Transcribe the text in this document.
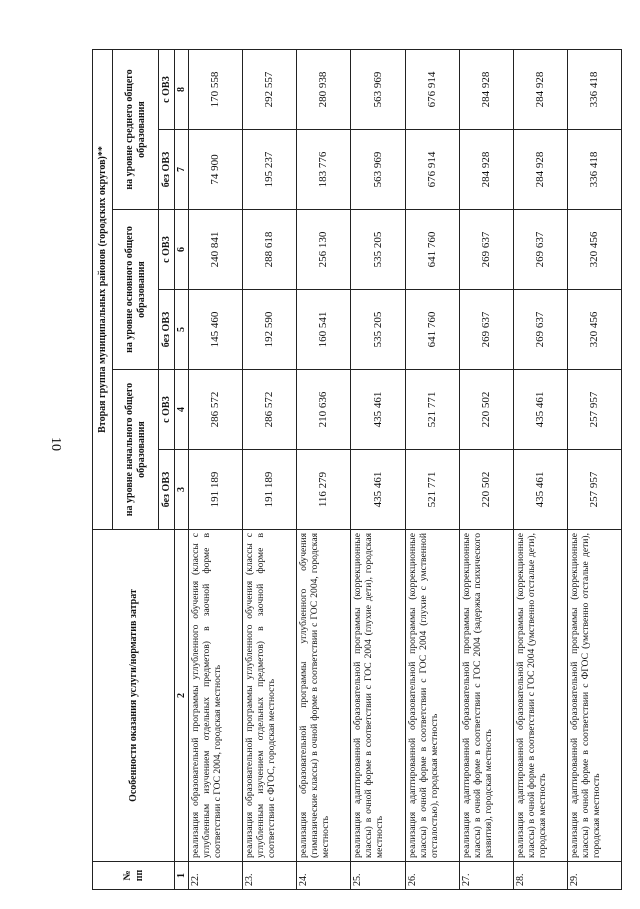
10
№ пп	Особенности оказания услуги/норматив затрат	Вторая группа муниципальных районов (городских округов)**					
		на уровне начального общего образования		на уровне основного общего образования		на уровне среднего общего образования	
		без ОВЗ	с ОВЗ	без ОВЗ	с ОВЗ	без ОВЗ	с ОВЗ
1	2	3	4	5	6	7	8
22.	реализация образовательной программы углубленного обучения (классы с углубленным изучением отдельных предметов) в заочной форме в соответствии с ГОС 2004, городская местность	191 189	286 572	145 460	240 841	74 900	170 558
23.	реализация образовательной программы углубленного обучения (классы с углубленным изучением отдельных предметов) в заочной форме в соответствии с ФГОС, городская местность	191 189	286 572	192 590	288 618	195 237	292 557
24.	реализация образовательной программы углубленного обучения (гимназические классы) в очной форме в соответствии с ГОС 2004, городская местность	116 279	210 636	160 541	256 130	183 776	280 938
25.	реализация адаптированной образовательной программы (коррекционные классы) в очной форме в соответствии с ГОС 2004 (глухие дети), городская местность	435 461	435 461	535 205	535 205	563 969	563 969
26.	реализация адаптированной образовательной программы (коррекционные классы) в очной форме в соответствии с ГОС 2004 (глухие с умственной отсталостью), городская местность	521 771	521 771	641 760	641 760	676 914	676 914
27.	реализация адаптированной образовательной программы (коррекционные классы) в очной форме в соответствии с ГОС 2004 (задержка психического развития), городская местность	220 502	220 502	269 637	269 637	284 928	284 928
28.	реализация адаптированной образовательной программы (коррекционные классы) в очной форме в соответствии с ГОС 2004 (умственно отсталые дети), городская местность	435 461	435 461	269 637	269 637	284 928	284 928
29.	реализация адаптированной образовательной программы (коррекционные классы) в очной форме в соответствии с ФГОС (умственно отсталые дети), городская местность	257 957	257 957	320 456	320 456	336 418	336 418
